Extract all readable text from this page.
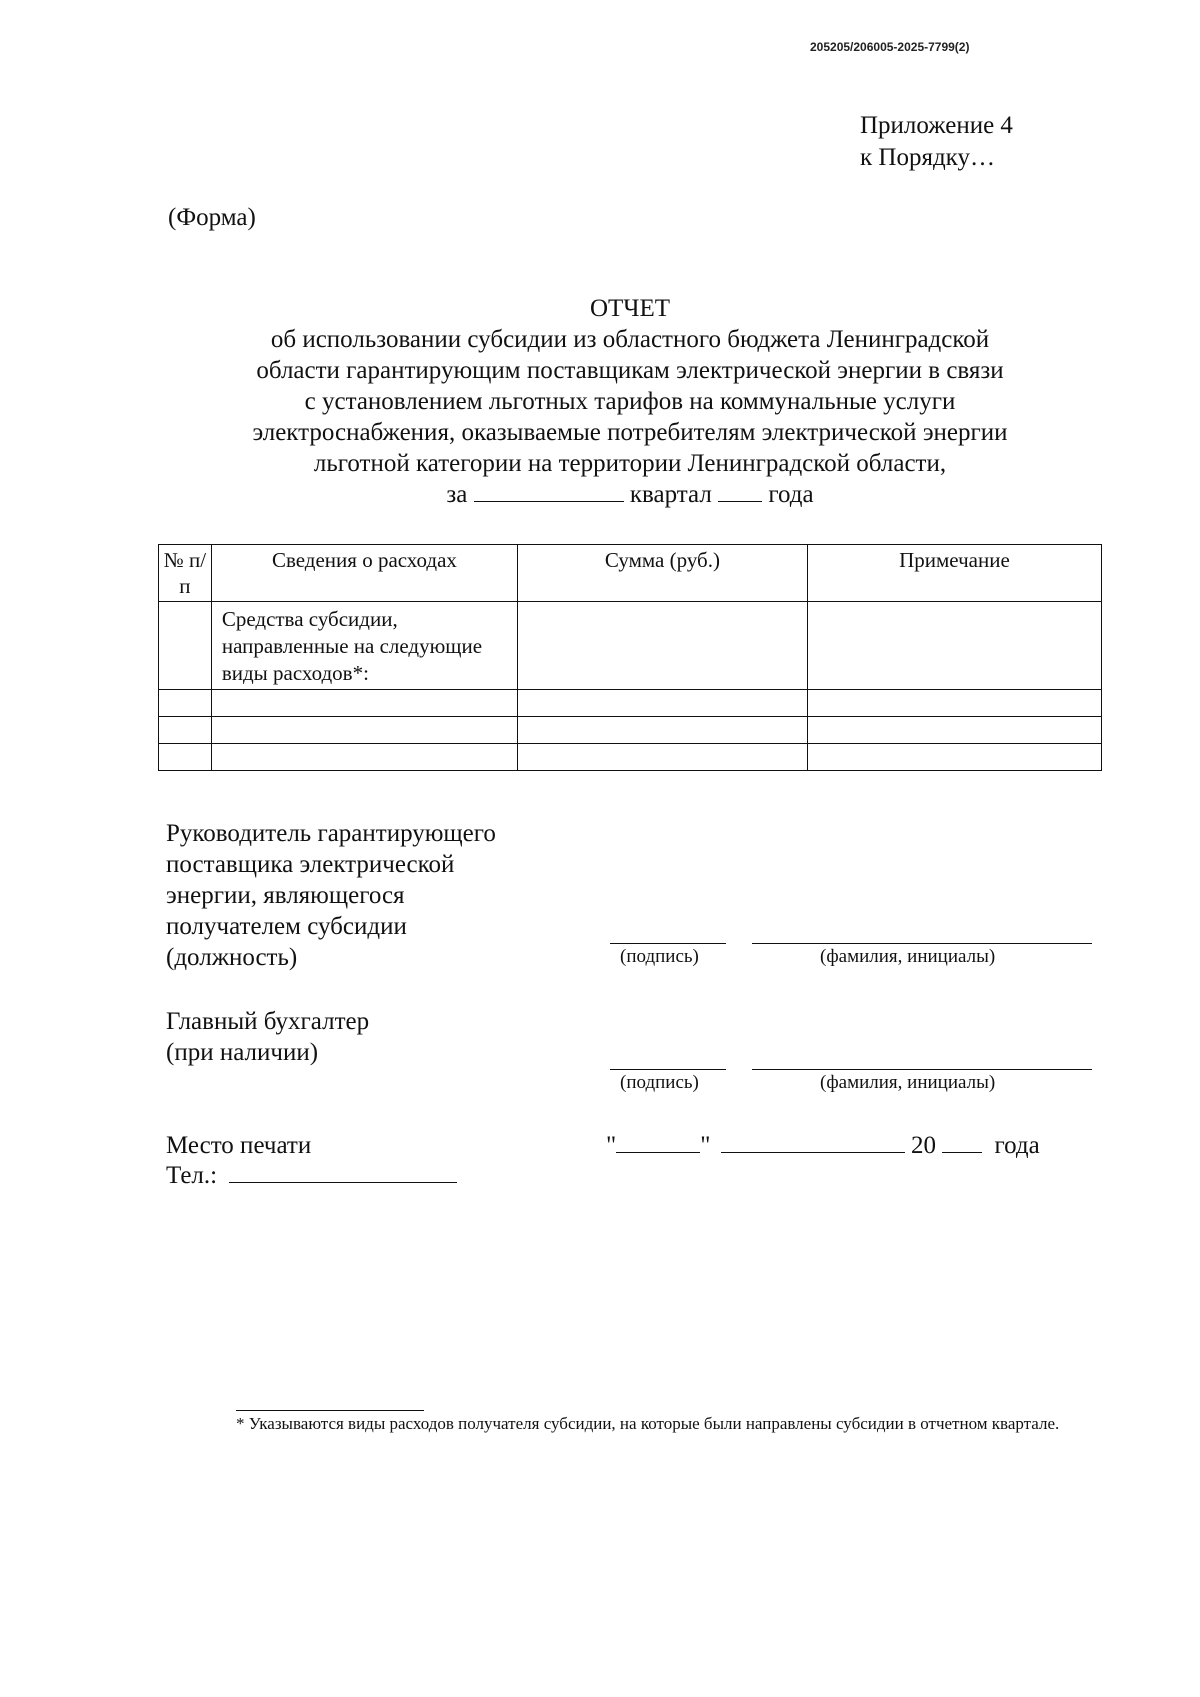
205205/206005-2025-7799(2)
Приложение 4
к Порядку…
(Форма)
ОТЧЕТ
об использовании субсидии из областного бюджета Ленинградской
области гарантирующим поставщикам электрической энергии в связи
с установлением льготных тарифов на коммунальные услуги
электроснабжения, оказываемые потребителям электрической энергии
льготной категории на территории Ленинградской области,
за	квартал года
№ п/п	Сведения о расходах	Сумма (руб.)	Примечание
	Средства субсидии, направленные на следующие виды расходов*:		

Руководитель гарантирующего
поставщика электрической
энергии, являющегося
получателем субсидии
(должность)	(подпись)	(фамилия, инициалы)
Главный бухгалтер
(при наличии)
(подпись)	(фамилия, инициалы)
Место печати	"	"	20 года
Тел.:
* Указываются виды расходов получателя субсидии, на которые были направлены субсидии в отчетном квартале.
